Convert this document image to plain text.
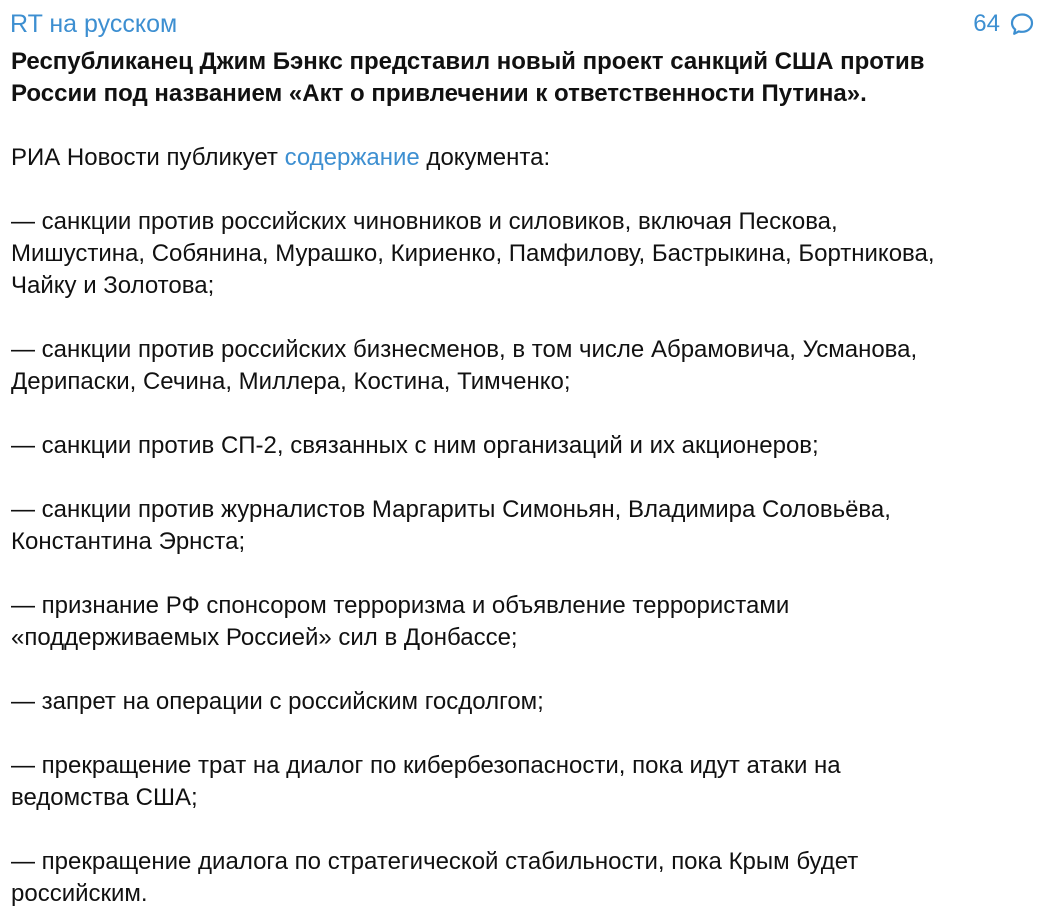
RT на русском	64
Республиканец Джим Бэнкс представил новый проект санкций США против
России под названием «Акт о привлечении к ответственности Путина».
РИА Новости публикует содержание документа:
— санкции против российских чиновников и силовиков, включая Пескова,
Мишустина, Собянина, Мурашко, Кириенко, Памфилову, Бастрыкина, Бортникова,
Чайку и Золотова;
— санкции против российских бизнесменов, в том числе Абрамовича, Усманова,
Дерипаски, Сечина, Миллера, Костина, Тимченко;
— санкции против СП-2, связанных с ним организаций и их акционеров;
— санкции против журналистов Маргариты Симоньян, Владимира Соловьёва,
Константина Эрнста;
— признание РФ спонсором терроризма и объявление террористами
«поддерживаемых Россией» сил в Донбассе;
— запрет на операции с российским госдолгом;
— прекращение трат на диалог по кибербезопасности, пока идут атаки на
ведомства США;
— прекращение диалога по стратегической стабильности, пока Крым будет
российским.
